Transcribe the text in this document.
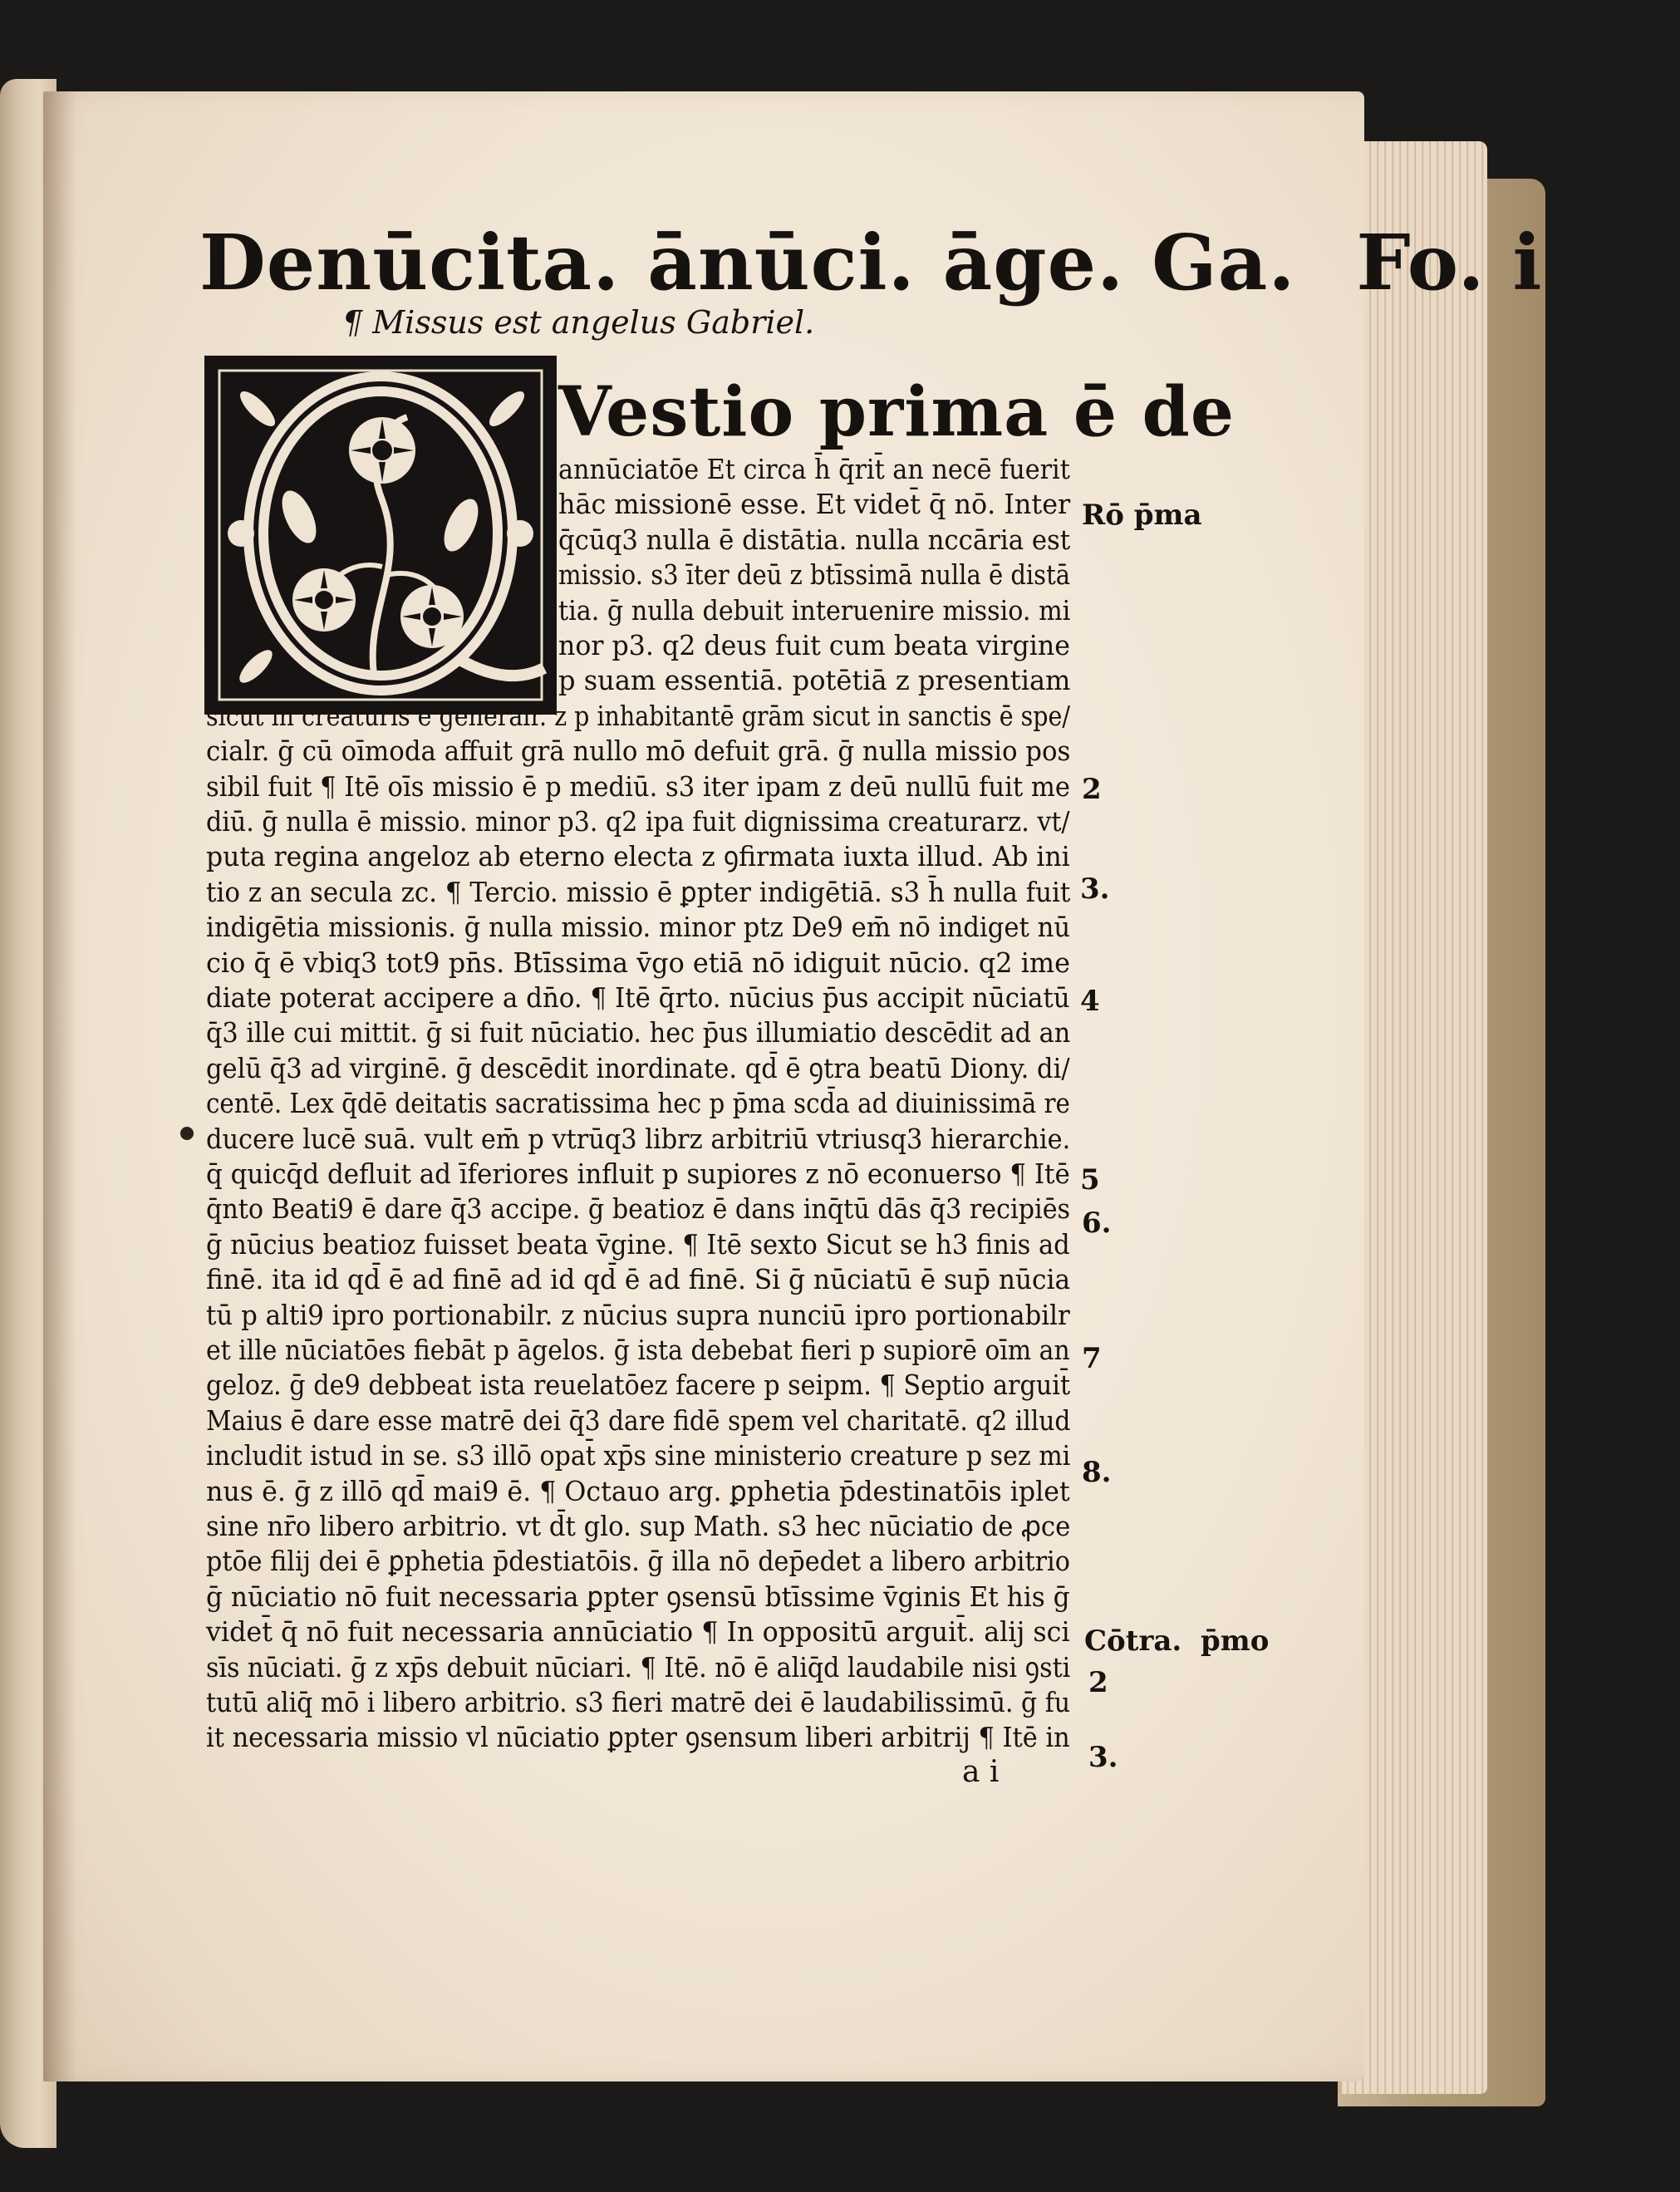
Denūcita. ānūci. āge. Ga. Fo. i
¶ Missus est angelus Gabriel.
Vestio prima ē de
annūciatōe Et circa h̄ q̄rit̄ an necē fuerit
hāc missionē esse. Et videt̄ q̄ nō. Inter
q̄cūq3 nulla ē distātia. nulla nccāria est
missio. s3 īter deū z btīssimā nulla ē distā
tia. ḡ nulla debuit interuenire missio. mi
nor p3. q2 deus fuit cum beata virgine
p suam essentiā. potētiā z presentiam
sicut in creaturis ē generalr. z p inhabitantē grām sicut in sanctis ē spe/
cialr. ḡ cū oīmoda affuit grā nullo mō defuit grā. ḡ nulla missio pos
sibil fuit ¶ Itē oīs missio ē p mediū. s3 iter ipam z deū nullū fuit me
diū. ḡ nulla ē missio. minor p3. q2 ipa fuit dignissima creaturarz. vt/
puta regina angeloz ab eterno electa z ꝯfirmata iuxta illud. Ab ini
tio z an secula zc. ¶ Tercio. missio ē ꝑpter indigētiā. s3 h̄ nulla fuit
indigētia missionis. ḡ nulla missio. minor ptz De9 em̄ nō indiget nū
cio q̄ ē vbiq3 tot9 pn̄s. Btīssima v̄go etiā nō idiguit nūcio. q2 ime
diate poterat accipere a dn̄o. ¶ Itē q̄rto. nūcius p̄us accipit nūciatū
q̄3 ille cui mittit. ḡ si fuit nūciatio. hec p̄us illumiatio descēdit ad an
gelū q̄3 ad virginē. ḡ descēdit inordinate. qd̄ ē ꝯtra beatū Diony. di/
centē. Lex q̄dē deitatis sacratissima hec p p̄ma scd̄a ad diuinissimā re
ducere lucē suā. vult em̄ p vtrūq3 librz arbitriū vtriusq3 hierarchie.
q̄ quicq̄d defluit ad īferiores influit p supiores z nō econuerso ¶ Itē
q̄nto Beati9 ē dare q̄3 accipe. ḡ beatioz ē dans inq̄tū dās q̄3 recipiēs
ḡ nūcius beatioz fuisset beata v̄gine. ¶ Itē sexto Sicut se h3 finis ad
finē. ita id qd̄ ē ad finē ad id qd̄ ē ad finē. Si ḡ nūciatū ē sup̄ nūcia
tū p alti9 ipro portionabilr. z nūcius supra nunciū ipro portionabilr
et ille nūciatōes fiebāt p āgelos. ḡ ista debebat fieri p supiorē oīm an
geloz. ḡ de9 debbeat ista reuelatōez facere p seipm. ¶ Septio arguit̄
Maius ē dare esse matrē dei q̄3 dare fidē spem vel charitatē. q2 illud
includit istud in se. s3 illō opat̄ xp̄s sine ministerio creature p sez mi
nus ē. ḡ z illō qd̄ mai9 ē. ¶ Octauo arg. ꝑphetia p̄destinatōis iplet
sine nr̄o libero arbitrio. vt d̄t glo. sup Math. s3 hec nūciatio de ꝓce
ptōe filij dei ē ꝑphetia p̄destiatōis. ḡ illa nō dep̄edet a libero arbitrio
ḡ nūciatio nō fuit necessaria ꝑpter ꝯsensū btīssime v̄ginis Et his ḡ
videt̄ q̄ nō fuit necessaria annūciatio ¶ In oppositū arguit̄. alij sci
sīs nūciati. ḡ z xp̄s debuit nūciari. ¶ Itē. nō ē aliq̄d laudabile nisi ꝯsti
tutū aliq̄ mō i libero arbitrio. s3 fieri matrē dei ē laudabilissimū. ḡ fu
it necessaria missio vl nūciatio ꝑpter ꝯsensum liberi arbitrij ¶ Itē in
Rō p̄ma
2
3.
4
5
6.
7
8.
Cōtra. p̄mo
2
3.
a i
